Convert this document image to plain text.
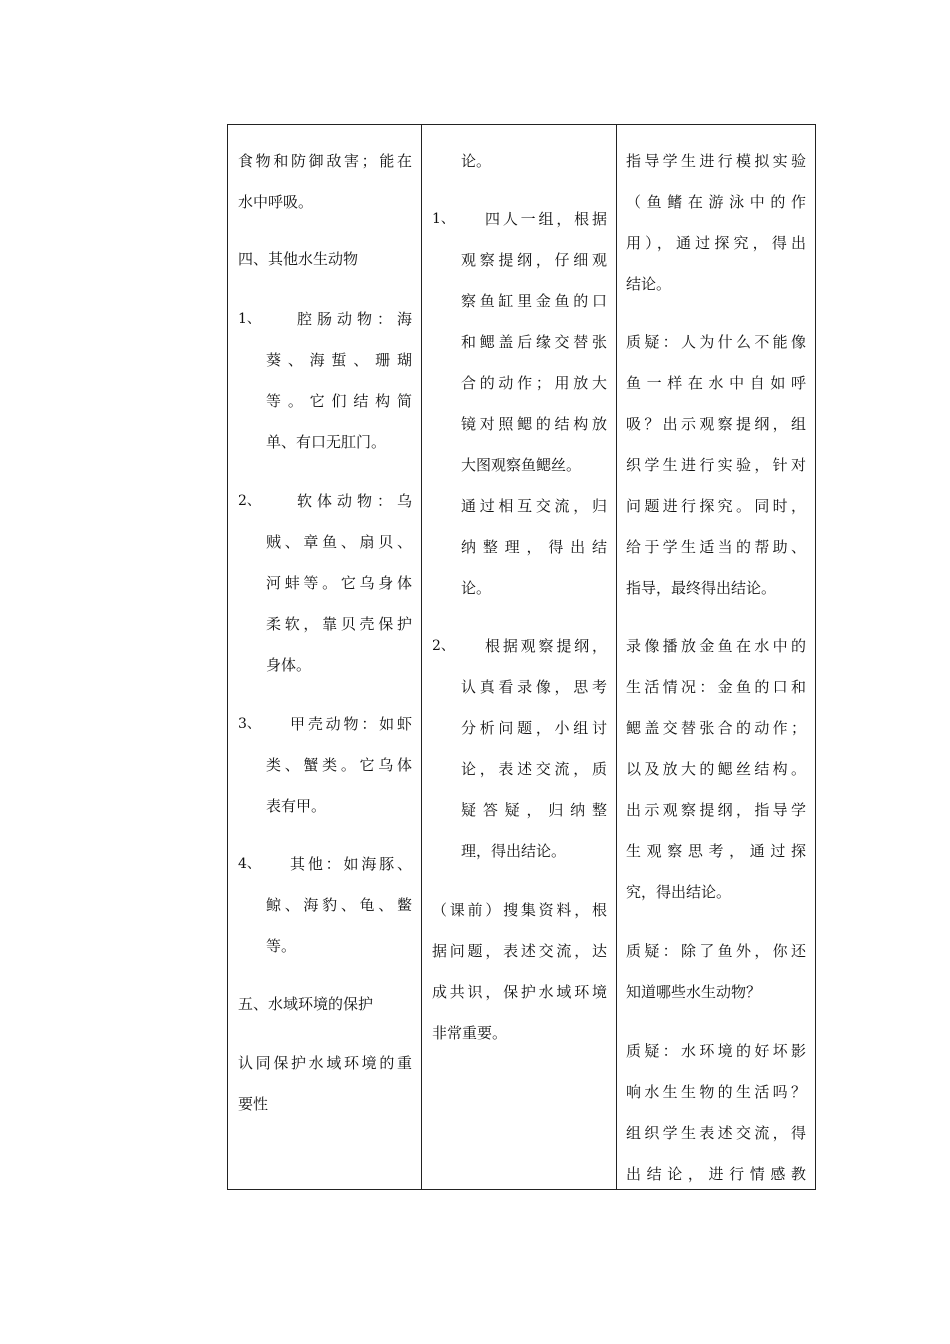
食物和防御敌害；能在
水中呼吸。
四、其他水生动物
1、 腔肠动物：海
葵、海蜇、珊瑚
等。它们结构简
单、有口无肛门。
2、 软体动物：乌
贼、章鱼、扇贝、
河蚌等。它乌身体
柔软，靠贝壳保护
身体。
3、 甲壳动物：如虾
类、蟹类。它乌体
表有甲。
4、 其他：如海豚、
鲸、海豹、龟、鳖
等。
五、水域环境的保护
认同保护水域环境的重
要性
论。
1、 四人一组，根据
观察提纲，仔细观
察鱼缸里金鱼的口
和鳃盖后缘交替张
合的动作；用放大
镜对照鳃的结构放
大图观察鱼鳃丝。
通过相互交流，归
纳整理，得出结
论。
2、 根据观察提纲，
认真看录像，思考
分析问题，小组讨
论，表述交流，质
疑答疑，归纳整
理，得出结论。
（课前）搜集资料，根
据问题，表述交流，达
成共识，保护水域环境
非常重要。
指导学生进行模拟实验
（鱼鳍在游泳中的作
用），通过探究，得出
结论。
质疑：人为什么不能像
鱼一样在水中自如呼
吸？出示观察提纲，组
织学生进行实验，针对
问题进行探究。同时，
给于学生适当的帮助、
指导，最终得出结论。
录像播放金鱼在水中的
生活情况：金鱼的口和
鳃盖交替张合的动作；
以及放大的鳃丝结构。
出示观察提纲，指导学
生观察思考，通过探
究，得出结论。
质疑：除了鱼外，你还
知道哪些水生动物？
质疑：水环境的好坏影
响水生生物的生活吗？
组织学生表述交流，得
出结论，进行情感教
